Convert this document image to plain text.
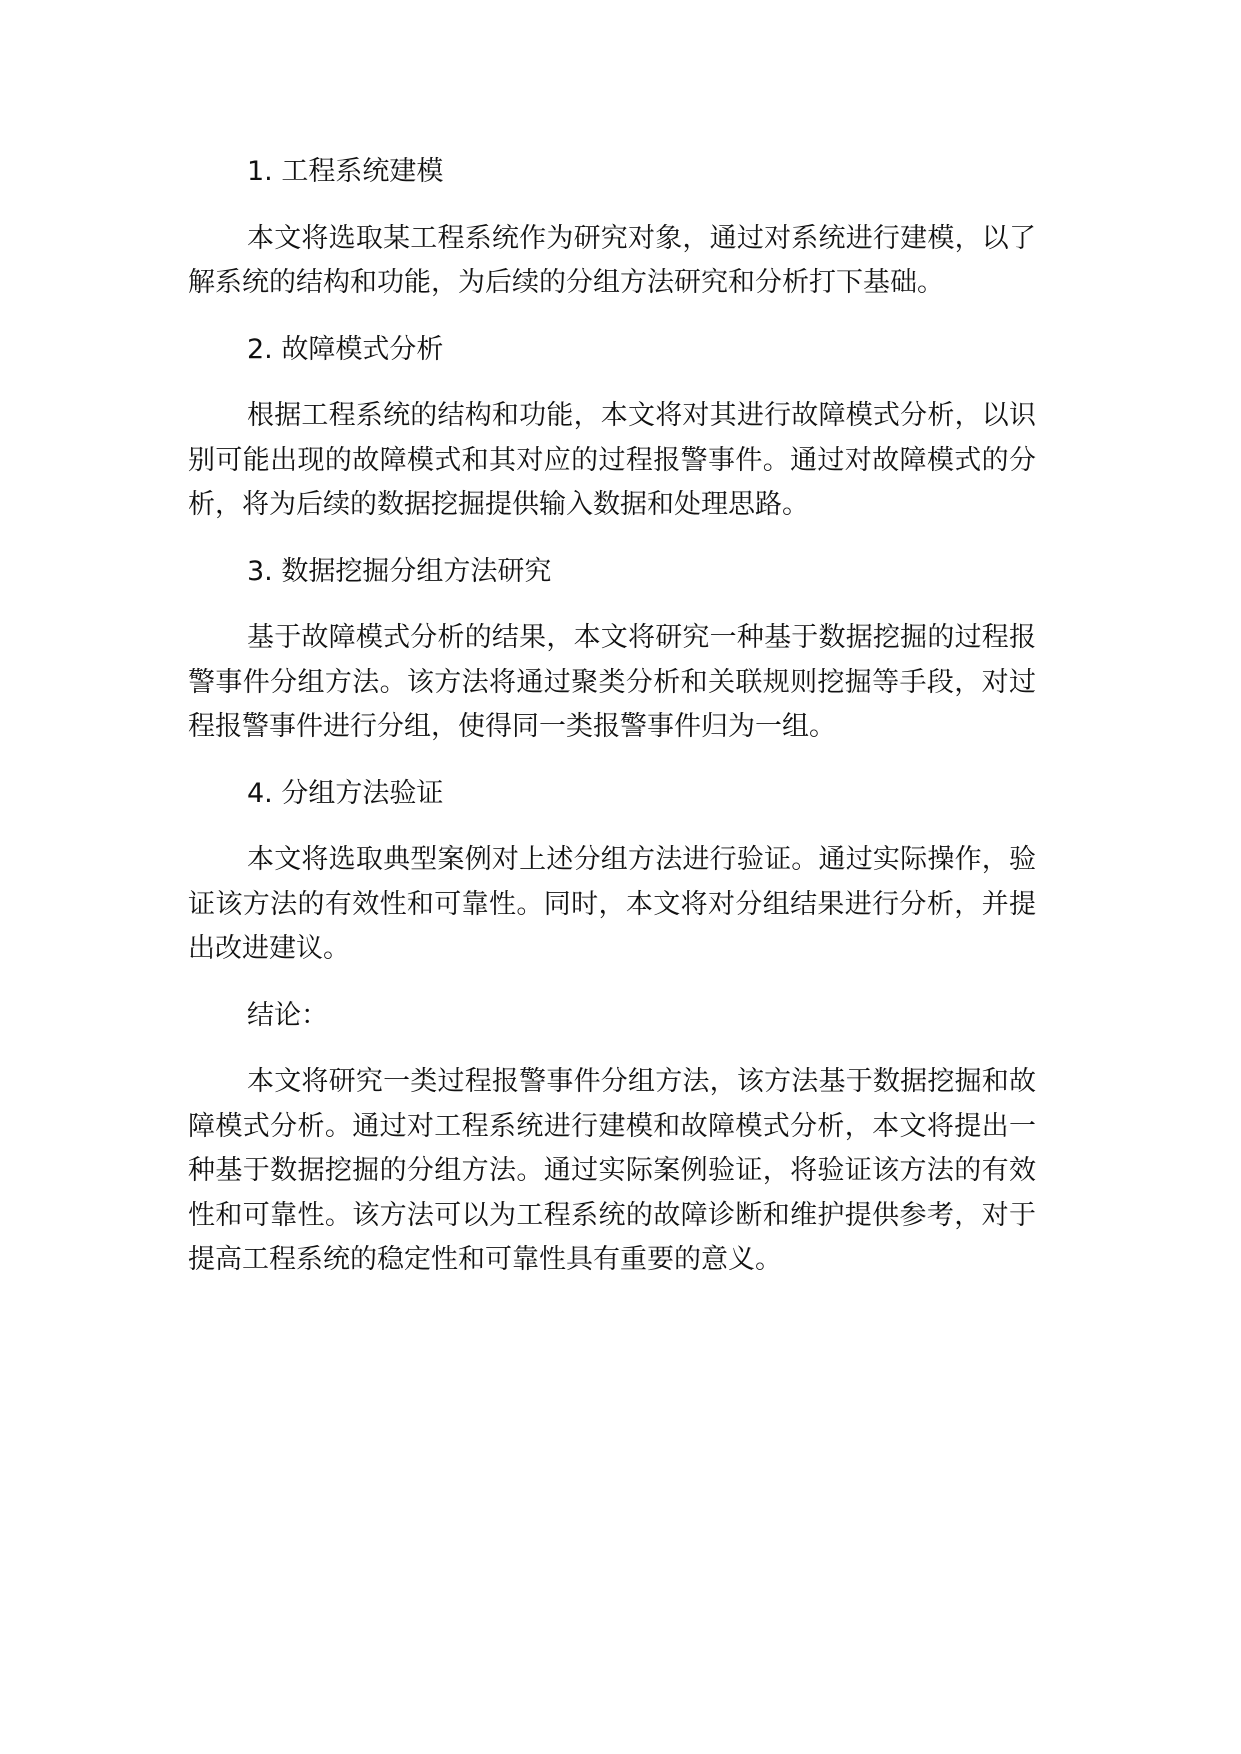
1. 工程系统建模

本文将选取某工程系统作为研究对象，通过对系统进行建模，以了解系统的结构和功能，为后续的分组方法研究和分析打下基础。

2. 故障模式分析

根据工程系统的结构和功能，本文将对其进行故障模式分析，以识别可能出现的故障模式和其对应的过程报警事件。通过对故障模式的分析，将为后续的数据挖掘提供输入数据和处理思路。

3. 数据挖掘分组方法研究

基于故障模式分析的结果，本文将研究一种基于数据挖掘的过程报警事件分组方法。该方法将通过聚类分析和关联规则挖掘等手段，对过程报警事件进行分组，使得同一类报警事件归为一组。

4. 分组方法验证

本文将选取典型案例对上述分组方法进行验证。通过实际操作，验证该方法的有效性和可靠性。同时，本文将对分组结果进行分析，并提出改进建议。

结论：

本文将研究一类过程报警事件分组方法，该方法基于数据挖掘和故障模式分析。通过对工程系统进行建模和故障模式分析，本文将提出一种基于数据挖掘的分组方法。通过实际案例验证，将验证该方法的有效性和可靠性。该方法可以为工程系统的故障诊断和维护提供参考，对于提高工程系统的稳定性和可靠性具有重要的意义。
